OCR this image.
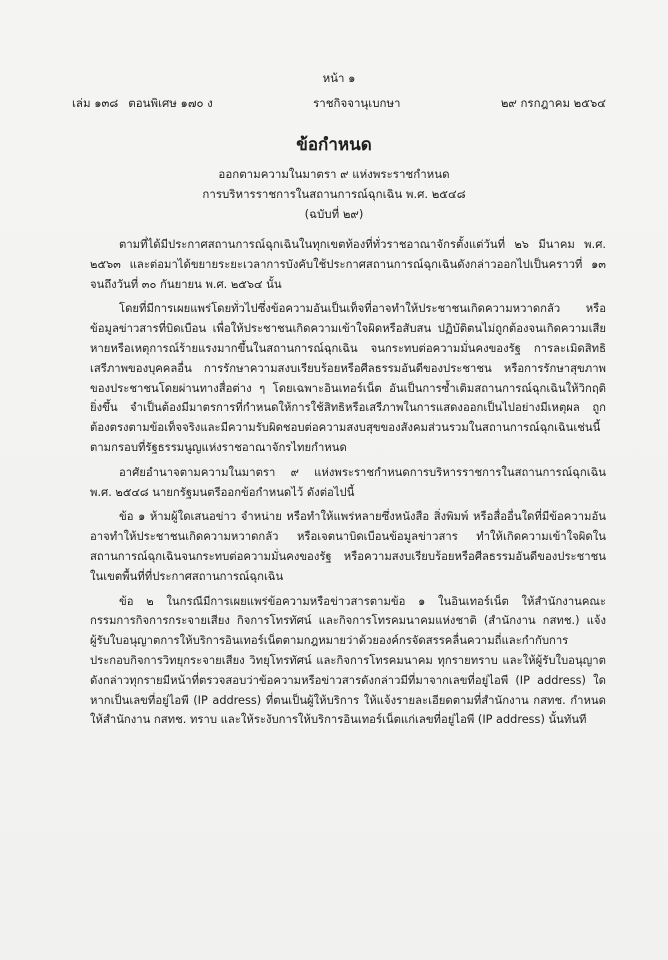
หน้า ๑
เล่ม ๑๓๘ ตอนพิเศษ ๑๗๐ ง	ราชกิจจานุเบกษา	๒๙ กรกฎาคม ๒๕๖๔
ข้อกำหนด
ออกตามความในมาตรา ๙ แห่งพระราชกำหนด
การบริหารราชการในสถานการณ์ฉุกเฉิน พ.ศ. ๒๕๔๘
(ฉบับที่ ๒๙)

ตามที่ได้มีประกาศสถานการณ์ฉุกเฉินในทุกเขตท้องที่ทั่วราชอาณาจักรตั้งแต่วันที่ ๒๖ มีนาคม พ.ศ. ๒๕๖๓ และต่อมาได้ขยายระยะเวลาการบังคับใช้ประกาศสถานการณ์ฉุกเฉินดังกล่าวออกไปเป็นคราวที่ ๑๓ จนถึงวันที่ ๓๐ กันยายน พ.ศ. ๒๕๖๔ นั้น

โดยที่มีการเผยแพร่โดยทั่วไปซึ่งข้อความอันเป็นเท็จที่อาจทำให้ประชาชนเกิดความหวาดกลัว หรือข้อมูลข่าวสารที่บิดเบือน เพื่อให้ประชาชนเกิดความเข้าใจผิดหรือสับสน ปฏิบัติตนไม่ถูกต้องจนเกิดความเสียหายหรือเหตุการณ์ร้ายแรงมากขึ้นในสถานการณ์ฉุกเฉิน จนกระทบต่อความมั่นคงของรัฐ การละเมิดสิทธิเสรีภาพของบุคคลอื่น การรักษาความสงบเรียบร้อยหรือศีลธรรมอันดีของประชาชน หรือการรักษาสุขภาพของประชาชนโดยผ่านทางสื่อต่าง ๆ โดยเฉพาะอินเทอร์เน็ต อันเป็นการซ้ำเติมสถานการณ์ฉุกเฉินให้วิกฤติยิ่งขึ้น จำเป็นต้องมีมาตรการที่กำหนดให้การใช้สิทธิหรือเสรีภาพในการแสดงออกเป็นไปอย่างมีเหตุผล ถูกต้องตรงตามข้อเท็จจริงและมีความรับผิดชอบต่อความสงบสุขของสังคมส่วนรวมในสถานการณ์ฉุกเฉินเช่นนี้ตามกรอบที่รัฐธรรมนูญแห่งราชอาณาจักรไทยกำหนด

อาศัยอำนาจตามความในมาตรา ๙ แห่งพระราชกำหนดการบริหารราชการในสถานการณ์ฉุกเฉิน พ.ศ. ๒๕๔๘ นายกรัฐมนตรีออกข้อกำหนดไว้ ดังต่อไปนี้

ข้อ ๑ ห้ามผู้ใดเสนอข่าว จำหน่าย หรือทำให้แพร่หลายซึ่งหนังสือ สิ่งพิมพ์ หรือสื่ออื่นใดที่มีข้อความอันอาจทำให้ประชาชนเกิดความหวาดกลัว หรือเจตนาบิดเบือนข้อมูลข่าวสาร ทำให้เกิดความเข้าใจผิดในสถานการณ์ฉุกเฉินจนกระทบต่อความมั่นคงของรัฐ หรือความสงบเรียบร้อยหรือศีลธรรมอันดีของประชาชน ในเขตพื้นที่ที่ประกาศสถานการณ์ฉุกเฉิน

ข้อ ๒ ในกรณีมีการเผยแพร่ข้อความหรือข่าวสารตามข้อ ๑ ในอินเทอร์เน็ต ให้สำนักงานคณะกรรมการกิจการกระจายเสียง กิจการโทรทัศน์ และกิจการโทรคมนาคมแห่งชาติ (สำนักงาน กสทช.) แจ้งผู้รับใบอนุญาตการให้บริการอินเทอร์เน็ตตามกฎหมายว่าด้วยองค์กรจัดสรรคลื่นความถี่และกำกับการประกอบกิจการวิทยุกระจายเสียง วิทยุโทรทัศน์ และกิจการโทรคมนาคม ทุกรายทราบ และให้ผู้รับใบอนุญาตดังกล่าวทุกรายมีหน้าที่ตรวจสอบว่าข้อความหรือข่าวสารดังกล่าวมีที่มาจากเลขที่อยู่ไอพี (IP address) ใด หากเป็นเลขที่อยู่ไอพี (IP address) ที่ตนเป็นผู้ให้บริการ ให้แจ้งรายละเอียดตามที่สำนักงาน กสทช. กำหนด ให้สำนักงาน กสทช. ทราบ และให้ระงับการให้บริการอินเทอร์เน็ตแก่เลขที่อยู่ไอพี (IP address) นั้นทันที
